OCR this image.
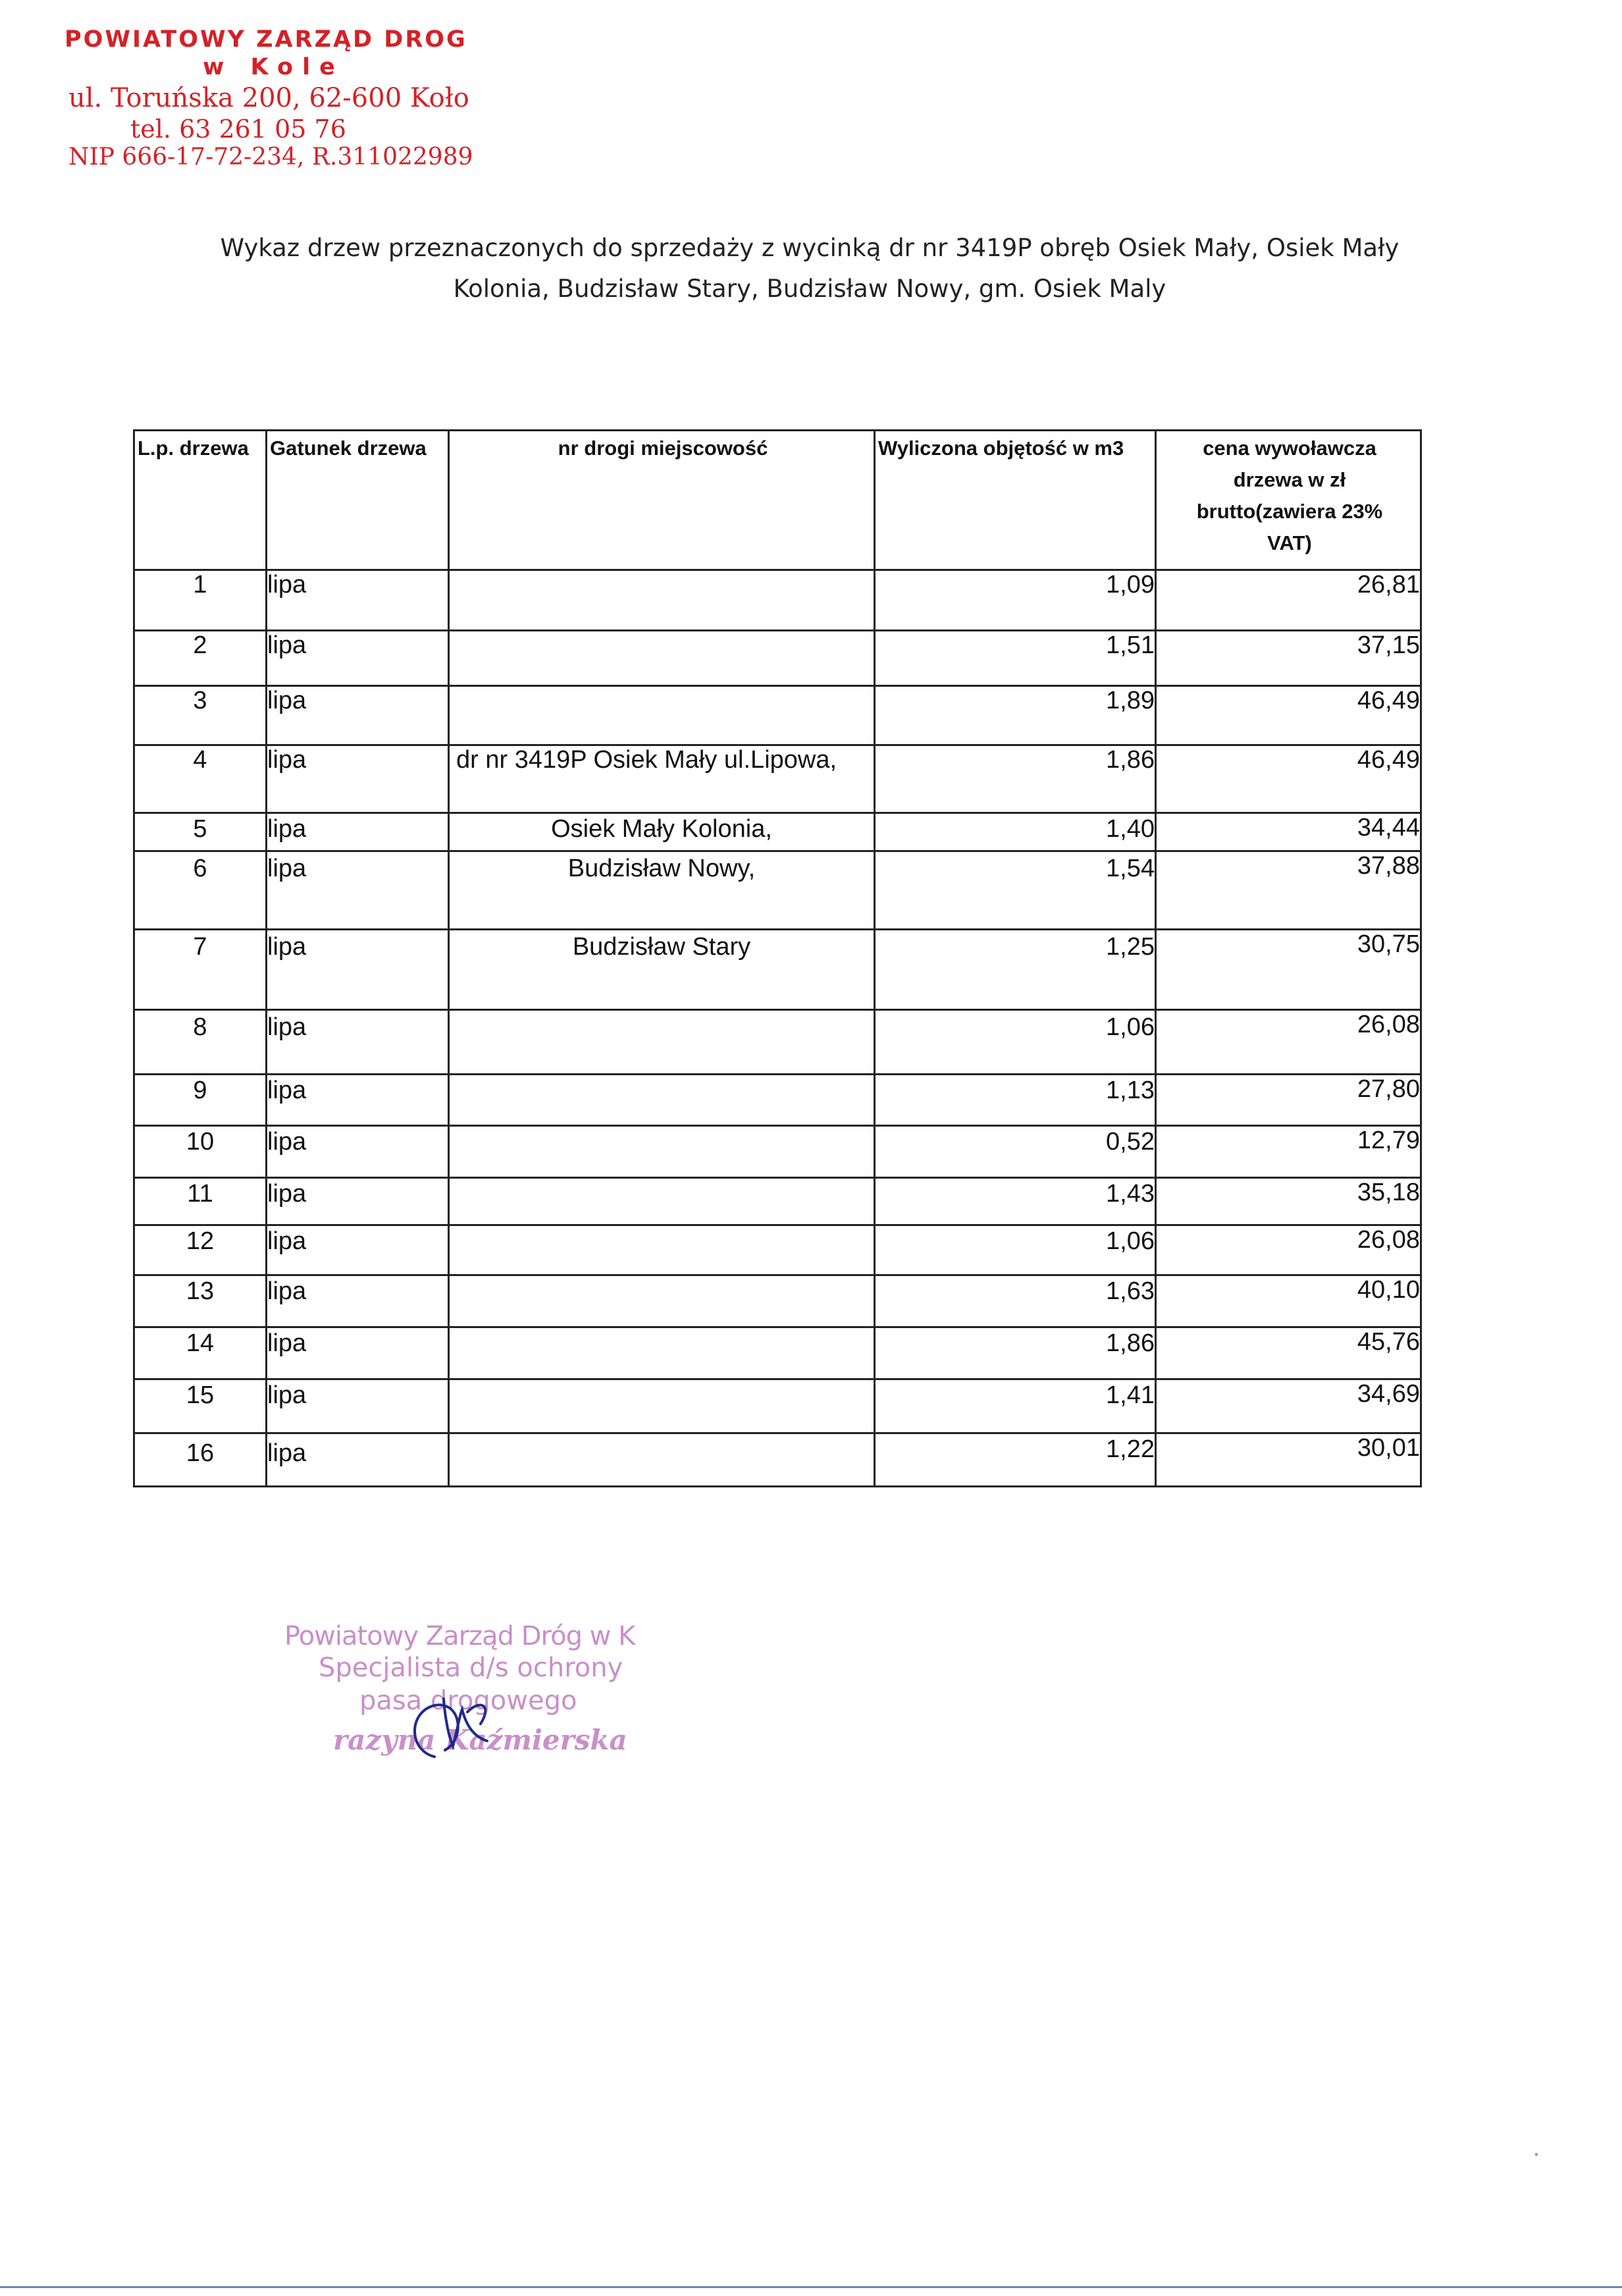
POWIATOWY ZARZĄD DROG
w Kole
ul. Toruńska 200, 62-600 Koło
tel. 63 261 05 76
NIP 666-17-72-234, R.311022989
Wykaz drzew przeznaczonych do sprzedaży z wycinką dr nr 3419P obręb Osiek Mały, Osiek Mały
Kolonia, Budzisław Stary, Budzisław Nowy, gm. Osiek Maly
L.p. drzewa	Gatunek drzewa	nr drogi miejscowość	Wyliczona objętość w m3	cena wywoławcza
drzewa w zł
brutto(zawiera 23%
VAT)

1	lipa		1,09	26,81
2	lipa		1,51	37,15
3	lipa		1,89	46,49
4	lipa	dr nr 3419P Osiek Mały ul.Lipowa,	1,86	46,49
5	lipa	Osiek Mały Kolonia,	1,40	34,44
6	lipa	Budzisław Nowy,	1,54	37,88
7	lipa	Budzisław Stary	1,25	30,75
8	lipa		1,06	26,08
9	lipa		1,13	27,80
10	lipa		0,52	12,79
11	lipa		1,43	35,18
12	lipa		1,06	26,08
13	lipa		1,63	40,10
14	lipa		1,86	45,76
15	lipa		1,41	34,69
16	lipa		1,22	30,01
Powiatowy Zarząd Dróg w K
Specjalista d/s ochrony
pasa drogowego
razyna Kaźmierska
